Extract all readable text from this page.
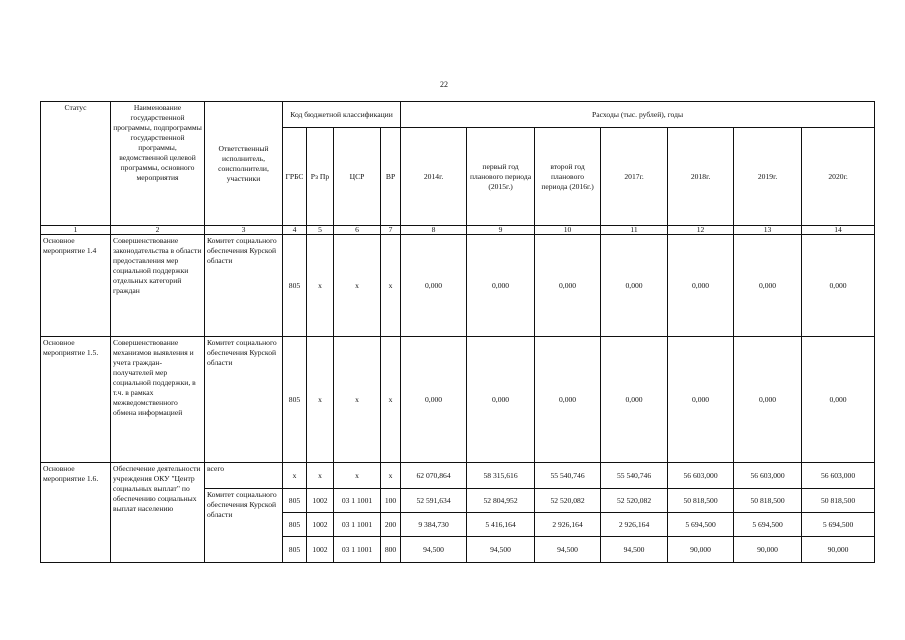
22
Статус	Наименование государственной программы, подпрограммы государственной программы, ведомственной целевой программы, основного мероприятия	Ответственный исполнитель, соисполнители, участники	Код бюджетной классификации				Расходы (тыс. рублей), годы						
			ГРБС	Рз Пр	ЦСР	ВР	2014г.	первый год планового периода (2015г.)	второй год планового периода (2016г.)	2017г.	2018г.	2019г.	2020г.
1	2	3	4	5	6	7	8	9	10	11	12	13	14
Основное мероприятие 1.4	Совершенствование законодательства в области предоставления мер социальной поддержки отдельных категорий граждан	Комитет социального обеспечения Курской области	805	x	x	x	0,000	0,000	0,000	0,000	0,000	0,000	0,000
Основное мероприятие 1.5.	Совершенствование механизмов выявления и учета граждан-получателей мер социальной поддержки, в т.ч. в рамках межведомственного обмена информацией	Комитет социального обеспечения Курской области	805	x	x	x	0,000	0,000	0,000	0,000	0,000	0,000	0,000
Основное мероприятие 1.6.	Обеспечение деятельности учреждения ОКУ "Центр социальных выплат" по обеспечению социальных выплат населению	всего	x	x	x	x	62 070,864	58 315,616	55 540,746	55 540,746	56 603,000	56 603,000	56 603,000
		Комитет социального обеспечения Курской области	805	1002	03 1 1001	100	52 591,634	52 804,952	52 520,082	52 520,082	50 818,500	50 818,500	50 818,500
			805	1002	03 1 1001	200	9 384,730	5 416,164	2 926,164	2 926,164	5 694,500	5 694,500	5 694,500
			805	1002	03 1 1001	800	94,500	94,500	94,500	94,500	90,000	90,000	90,000
